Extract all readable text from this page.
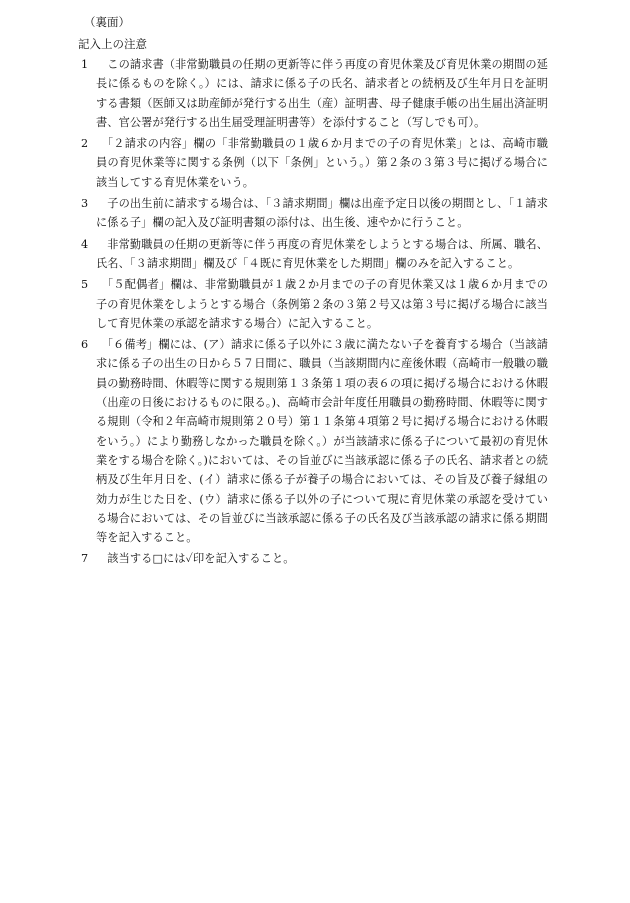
（裏面）
記入上の注意
1 　この請求書（非常勤職員の任期の更新等に伴う再度の育児休業及び育児休業の期間の延長に係るものを除く。）には、請求に係る子の氏名、請求者との続柄及び生年月日を証明する書類（医師又は助産師が発行する出生（産）証明書、母子健康手帳の出生届出済証明書、官公署が発行する出生届受理証明書等）を添付すること（写しでも可）。
2 　「２請求の内容」欄の「非常勤職員の１歳６か月までの子の育児休業」とは、高崎市職員の育児休業等に関する条例（以下「条例」という。）第２条の３第３号に掲げる場合に該当してする育児休業をいう。
3 　子の出生前に請求する場合は、「３請求期間」欄は出産予定日以後の期間とし、「１請求に係る子」欄の記入及び証明書類の添付は、出生後、速やかに行うこと。
4 　非常勤職員の任期の更新等に伴う再度の育児休業をしようとする場合は、所属、職名、氏名、「３請求期間」欄及び「４既に育児休業をした期間」欄のみを記入すること。
5 　「５配偶者」欄は、非常勤職員が１歳２か月までの子の育児休業又は１歳６か月までの子の育児休業をしようとする場合（条例第２条の３第２号又は第３号に掲げる場合に該当して育児休業の承認を請求する場合）に記入すること。
6 　「６備考」欄には、(ア）請求に係る子以外に３歳に満たない子を養育する場合（当該請求に係る子の出生の日から５７日間に、職員（当該期間内に産後休暇（高崎市一般職の職員の勤務時間、休暇等に関する規則第１３条第１項の表６の項に掲げる場合における休暇（出産の日後におけるものに限る。)、高崎市会計年度任用職員の勤務時間、休暇等に関する規則（令和２年高崎市規則第２０号）第１１条第４項第２号に掲げる場合における休暇をいう。）により勤務しなかった職員を除く。）が当該請求に係る子について最初の育児休業をする場合を除く。)においては、その旨並びに当該承認に係る子の氏名、請求者との続柄及び生年月日を、(イ）請求に係る子が養子の場合においては、その旨及び養子縁組の効力が生じた日を、(ウ）請求に係る子以外の子について現に育児休業の承認を受けている場合においては、その旨並びに当該承認に係る子の氏名及び当該承認の請求に係る期間等を記入すること。
7 　該当する□には✓印を記入すること。
